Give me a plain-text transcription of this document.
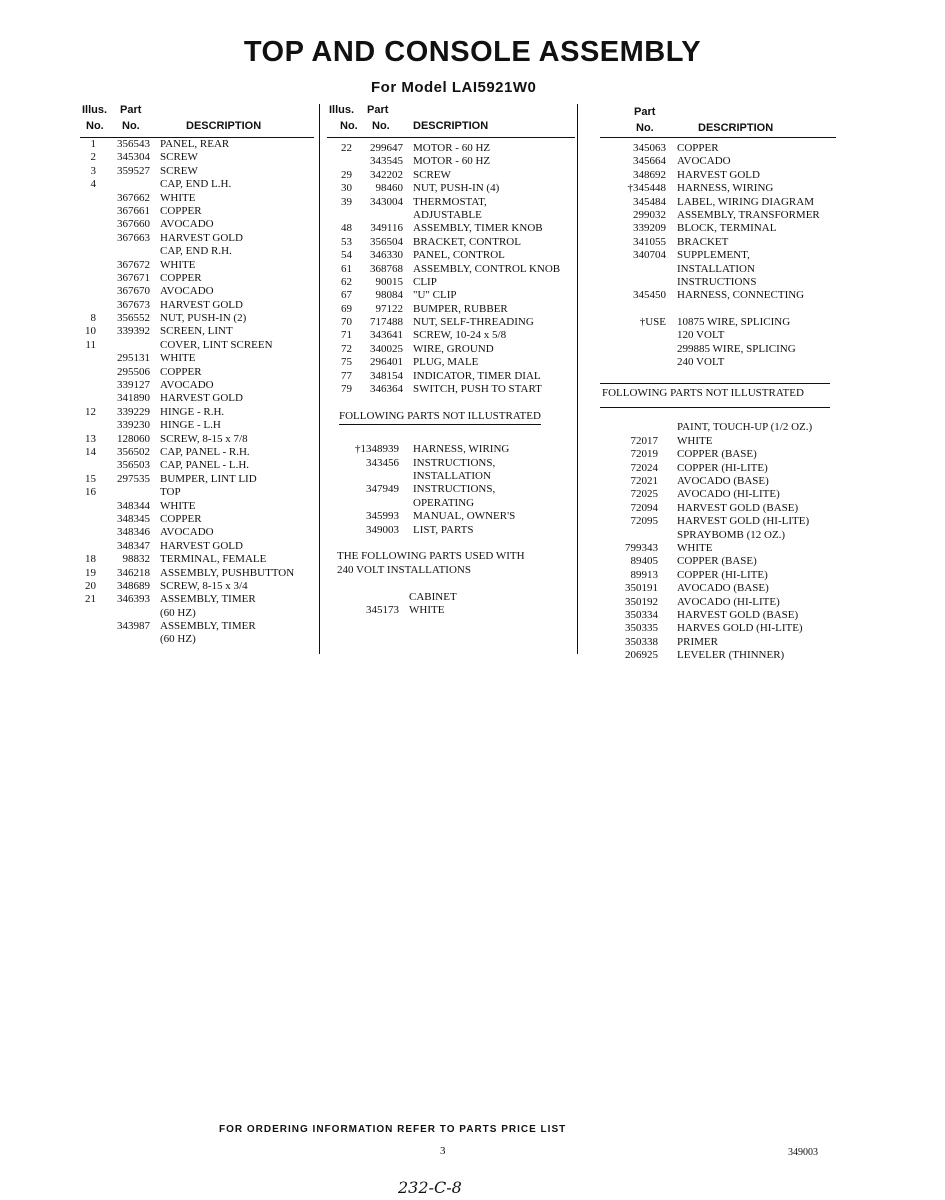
TOP AND CONSOLE ASSEMBLY
For Model LAI5921W0
Illus. Part
No. No.	DESCRIPTION
1	356543 PANEL, REAR
2	345304 SCREW
3	359527 SCREW
4	CAP, END L.H.
367662 WHITE
367661 COPPER
367660 AVOCADO
367663 HARVEST GOLD
CAP, END R.H.
367672 WHITE
367671 COPPER
367670 AVOCADO
367673 HARVEST GOLD
8	356552 NUT, PUSH-IN (2)
10	339392 SCREEN, LINT
11	COVER, LINT SCREEN
295131 WHITE
295506 COPPER
339127 AVOCADO
341890 HARVEST GOLD
12	339229 HINGE - R.H.
339230 HINGE - L.H
13	128060 SCREW, 8-15 x 7/8
14	356502 CAP, PANEL - R.H.
356503 CAP, PANEL - L.H.
15	297535 BUMPER, LINT LID
16	TOP
348344 WHITE
348345 COPPER
348346 AVOCADO
348347 HARVEST GOLD
18	98832 TERMINAL, FEMALE
19	346218 ASSEMBLY, PUSHBUTTON
20	348689 SCREW, 8-15 x 3/4
21	346393 ASSEMBLY, TIMER
(60 HZ)
343987 ASSEMBLY, TIMER
(60 HZ)
Illus. Part
No. No. DESCRIPTION
22	299647 MOTOR - 60 HZ
343545 MOTOR - 60 HZ
29	342202 SCREW
30	98460 NUT, PUSH-IN (4)
39	343004 THERMOSTAT,
ADJUSTABLE
48	349116 ASSEMBLY, TIMER KNOB
53	356504 BRACKET, CONTROL
54	346330 PANEL, CONTROL
61	368768 ASSEMBLY, CONTROL KNOB
62	90015 CLIP
67	98084 "U" CLIP
69	97122 BUMPER, RUBBER
70	717488 NUT, SELF-THREADING
71	343641 SCREW, 10-24 x 5/8
72	340025 WIRE, GROUND
75	296401 PLUG, MALE
77	348154 INDICATOR, TIMER DIAL
79	346364 SWITCH, PUSH TO START
FOLLOWING PARTS NOT ILLUSTRATED
†1348939 HARNESS, WIRING
343456 INSTRUCTIONS,
INSTALLATION
347949 INSTRUCTIONS,
OPERATING
345993 MANUAL, OWNER'S
349003 LIST, PARTS
THE FOLLOWING PARTS USED WITH
240 VOLT INSTALLATIONS
CABINET
345173 WHITE
Part
No.	DESCRIPTION
345063 COPPER
345664 AVOCADO
348692 HARVEST GOLD
†345448 HARNESS, WIRING
345484 LABEL, WIRING DIAGRAM
299032 ASSEMBLY, TRANSFORMER
339209 BLOCK, TERMINAL
341055 BRACKET
340704 SUPPLEMENT,
INSTALLATION
INSTRUCTIONS
345450 HARNESS, CONNECTING
†USE 10875 WIRE, SPLICING
120 VOLT
299885 WIRE, SPLICING
240 VOLT
FOLLOWING PARTS NOT ILLUSTRATED
PAINT, TOUCH-UP (1/2 OZ.)
72017 WHITE
72019 COPPER (BASE)
72024 COPPER (HI-LITE)
72021 AVOCADO (BASE)
72025 AVOCADO (HI-LITE)
72094 HARVEST GOLD (BASE)
72095 HARVEST GOLD (HI-LITE)
SPRAYBOMB (12 OZ.)
799343 WHITE
89405 COPPER (BASE)
89913 COPPER (HI-LITE)
350191 AVOCADO (BASE)
350192 AVOCADO (HI-LITE)
350334 HARVEST GOLD (BASE)
350335 HARVES GOLD (HI-LITE)
350338 PRIMER
206925 LEVELER (THINNER)
FOR ORDERING INFORMATION REFER TO PARTS PRICE LIST
3	349003
232-C-8
